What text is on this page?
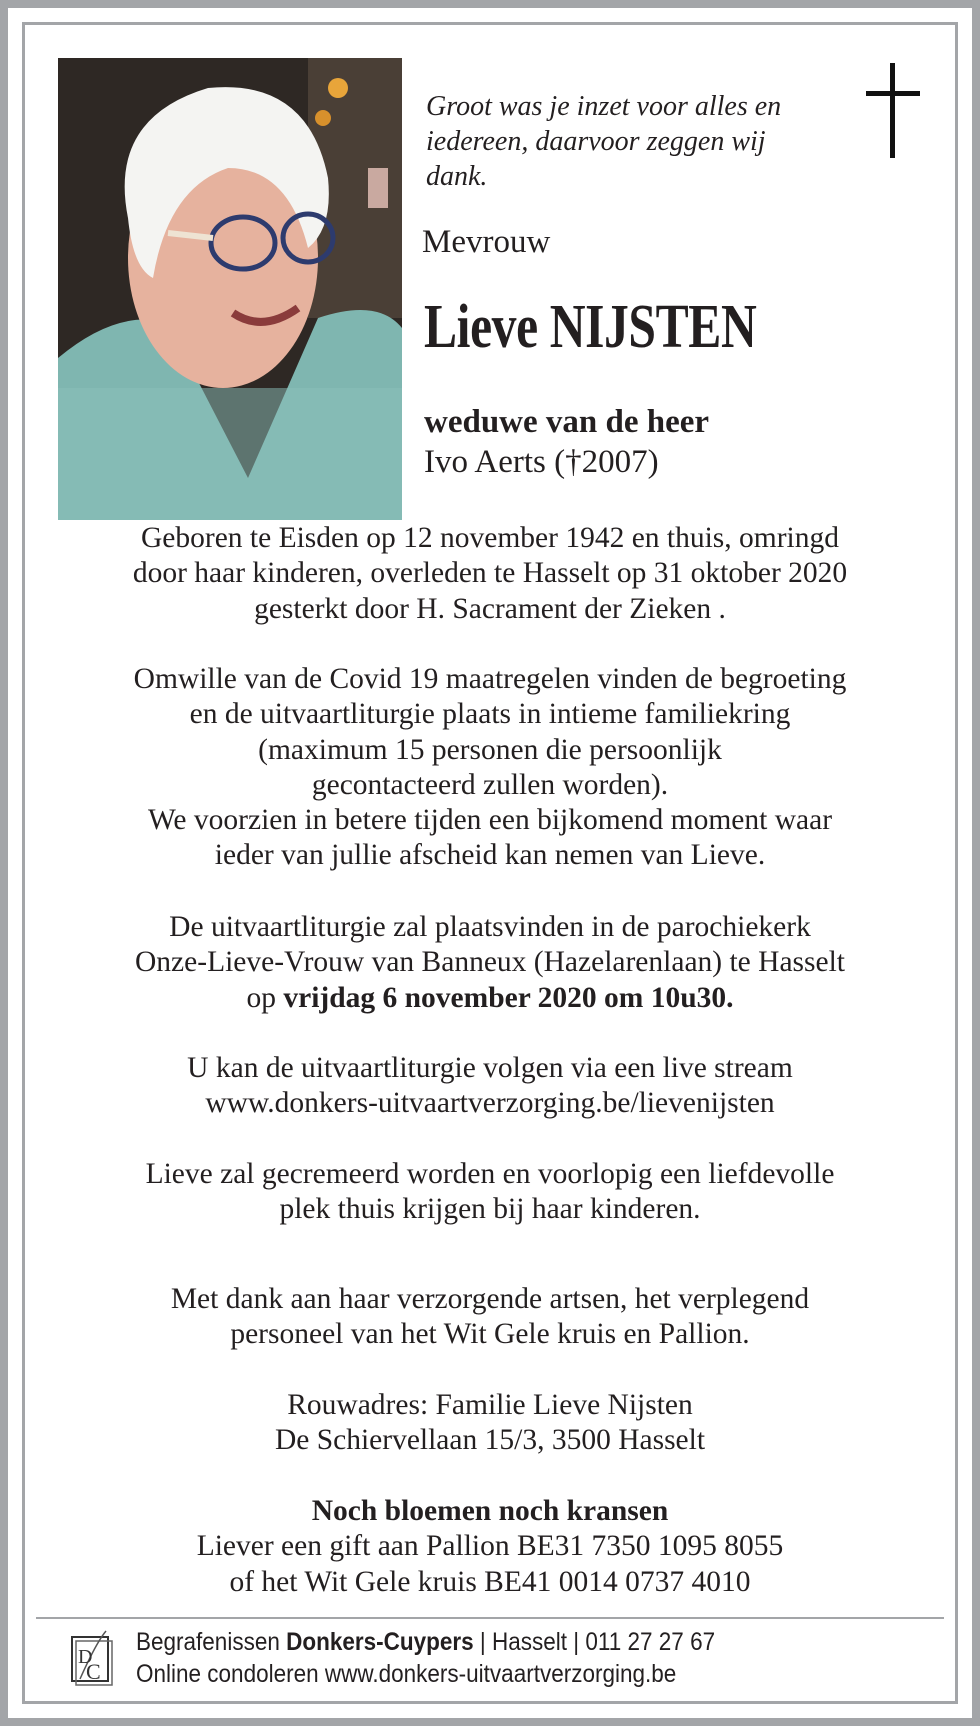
Groot was je inzet voor alles en
iedereen, daarvoor zeggen wij
dank.
Mevrouw
Lieve NIJSTEN
weduwe van de heer
Ivo Aerts (†2007)
Geboren te Eisden op 12 november 1942 en thuis, omringd
door haar kinderen, overleden te Hasselt op 31 oktober 2020
gesterkt door H. Sacrament der Zieken .
Omwille van de Covid 19 maatregelen vinden de begroeting
en de uitvaartliturgie plaats in intieme familiekring
(maximum 15 personen die persoonlijk
gecontacteerd zullen worden).
We voorzien in betere tijden een bijkomend moment waar
ieder van jullie afscheid kan nemen van Lieve.
De uitvaartliturgie zal plaatsvinden in de parochiekerk
Onze-Lieve-Vrouw van Banneux (Hazelarenlaan) te Hasselt
op vrijdag 6 november 2020 om 10u30.
U kan de uitvaartliturgie volgen via een live stream
www.donkers-uitvaartverzorging.be/lievenijsten
Lieve zal gecremeerd worden en voorlopig een liefdevolle
plek thuis krijgen bij haar kinderen.
Met dank aan haar verzorgende artsen, het verplegend
personeel van het Wit Gele kruis en Pallion.
Rouwadres: Familie Lieve Nijsten
De Schiervellaan 15/3, 3500 Hasselt
Noch bloemen noch kransen
Liever een gift aan Pallion BE31 7350 1095 8055
of het Wit Gele kruis BE41 0014 0737 4010
D
C
Begrafenissen Donkers-Cuypers | Hasselt | 011 27 27 67
Online condoleren www.donkers-uitvaartverzorging.be
